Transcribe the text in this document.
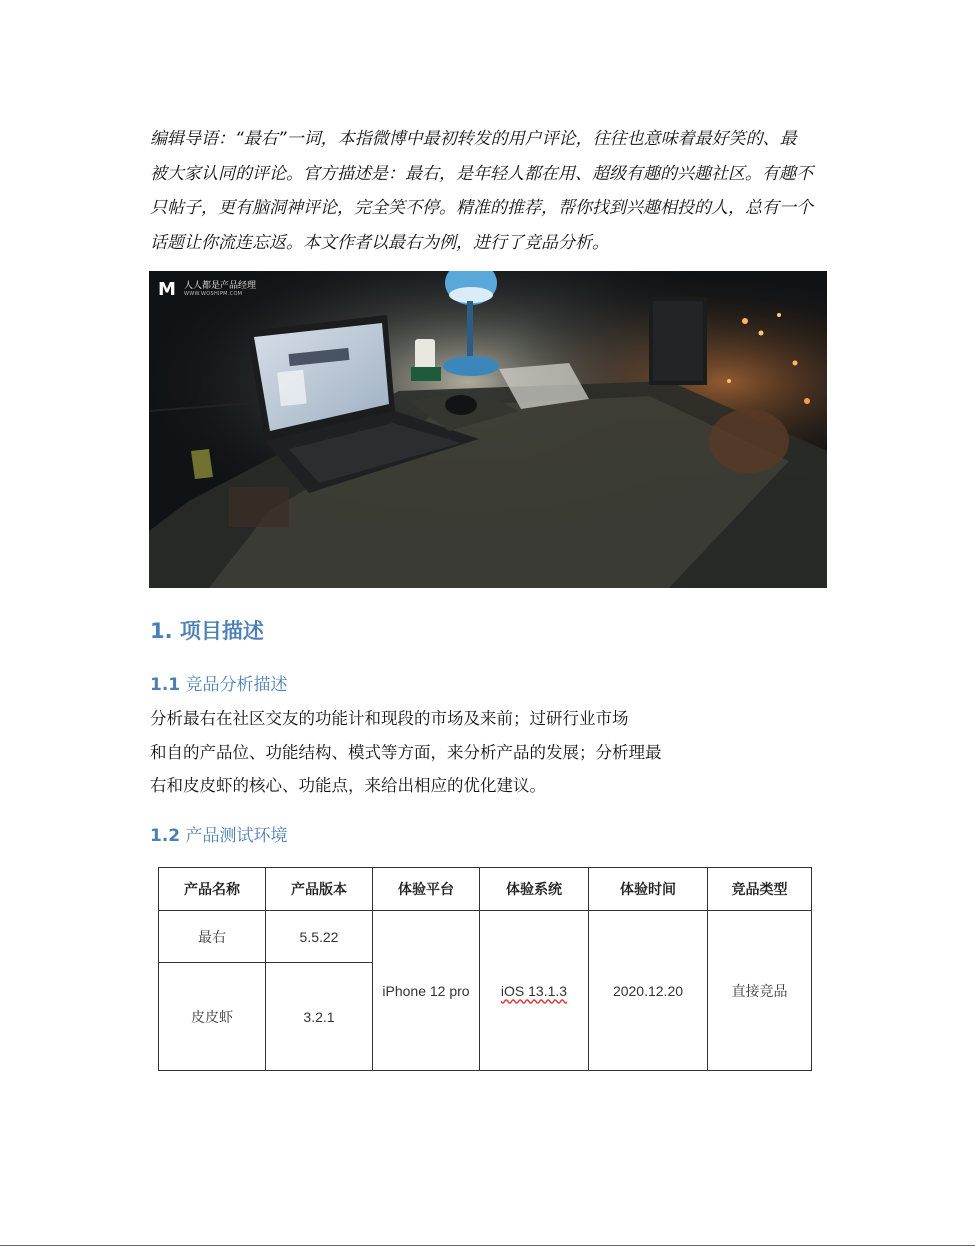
编辑导语：“最右”一词，本指微博中最初转发的用户评论，往往也意味着最好笑的、最

被大家认同的评论。官方描述是：最右，是年轻人都在用、超级有趣的兴趣社区。有趣不

只帖子，更有脑洞神评论，完全笑不停。精准的推荐，帮你找到兴趣相投的人，总有一个

话题让你流连忘返。本文作者以最右为例，进行了竞品分析。

M 人人都是产品经理
WWW.WOSHIPM.COM
1. 项目描述
1.1 竞品分析描述

分析最右在社区交友的功能计和现段的市场及来前；过研行业市场

和自的产品位、功能结构、模式等方面，来分析产品的发展；分析理最

右和皮皮虾的核心、功能点，来给出相应的优化建议。

1.2 产品测试环境
产品名称	产品版本	体验平台	体验系统	体验时间	竞品类型
最右	5.5.22	iPhone 12 pro	iOS 13.1.3	2020.12.20	直接竞品
皮皮虾	3.2.1				
